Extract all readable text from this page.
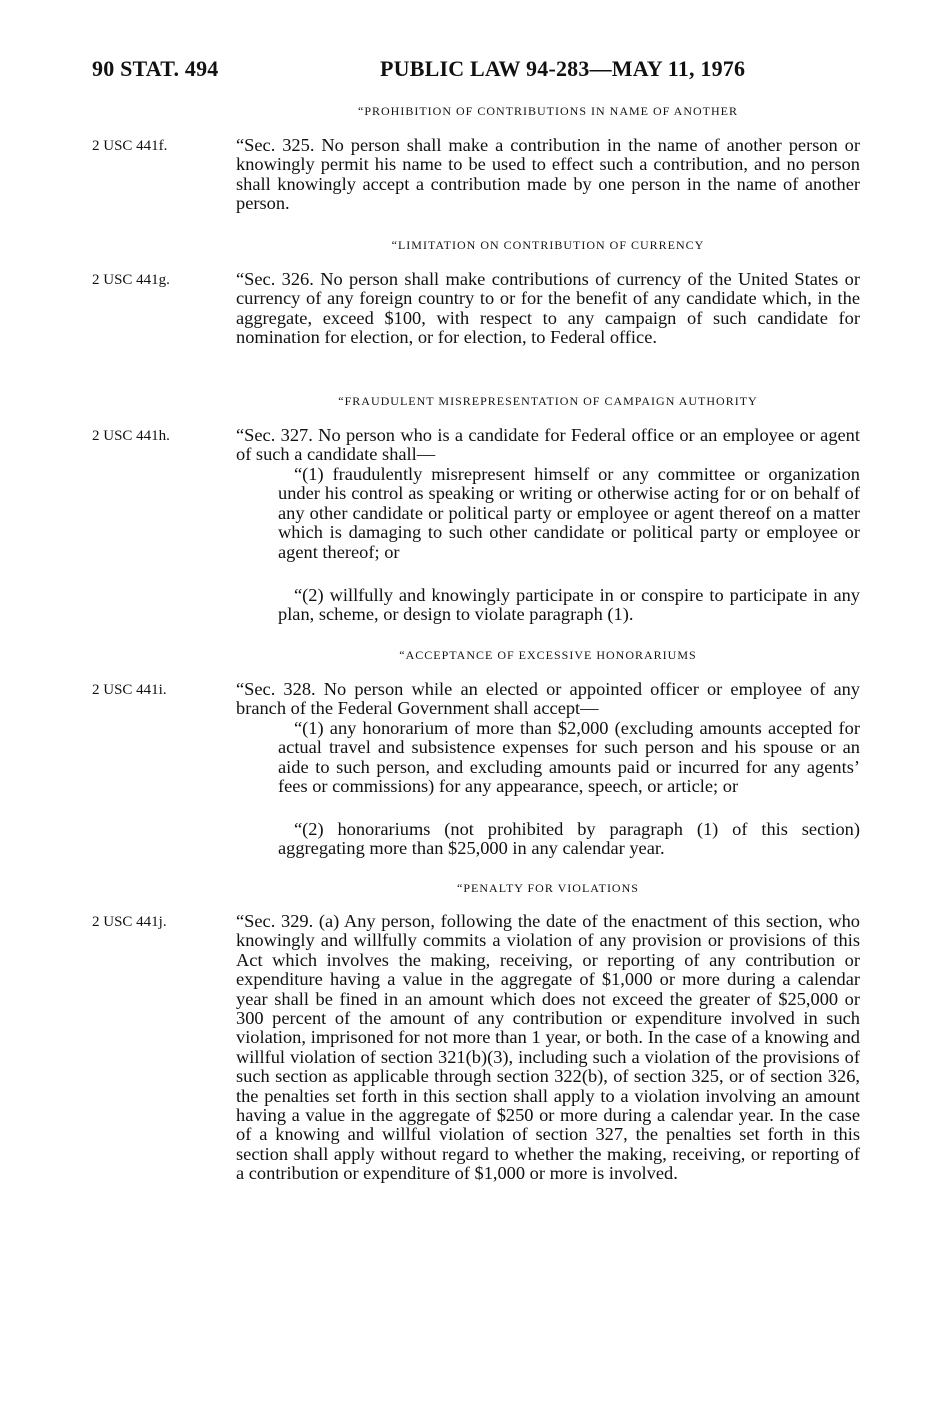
90 STAT. 494	PUBLIC LAW 94-283—MAY 11, 1976
“PROHIBITION OF CONTRIBUTIONS IN NAME OF ANOTHER
2 USC 441f.	“Sec. 325. No person shall make a contribution in the name of another person or knowingly permit his name to be used to effect such a contribution, and no person shall knowingly accept a contribution made by one person in the name of another person.
“LIMITATION ON CONTRIBUTION OF CURRENCY
2 USC 441g.	“Sec. 326. No person shall make contributions of currency of the United States or currency of any foreign country to or for the benefit of any candidate which, in the aggregate, exceed $100, with respect to any campaign of such candidate for nomination for election, or for election, to Federal office.
“FRAUDULENT MISREPRESENTATION OF CAMPAIGN AUTHORITY
2 USC 441h.	“Sec. 327. No person who is a candidate for Federal office or an employee or agent of such a candidate shall—
“(1) fraudulently misrepresent himself or any committee or organization under his control as speaking or writing or otherwise acting for or on behalf of any other candidate or political party or employee or agent thereof on a matter which is damaging to such other candidate or political party or employee or agent thereof; or
“(2) willfully and knowingly participate in or conspire to participate in any plan, scheme, or design to violate paragraph (1).
“ACCEPTANCE OF EXCESSIVE HONORARIUMS
2 USC 441i.	“Sec. 328. No person while an elected or appointed officer or employee of any branch of the Federal Government shall accept—
“(1) any honorarium of more than $2,000 (excluding amounts accepted for actual travel and subsistence expenses for such person and his spouse or an aide to such person, and excluding amounts paid or incurred for any agents’ fees or commissions) for any appearance, speech, or article; or
“(2) honorariums (not prohibited by paragraph (1) of this section) aggregating more than $25,000 in any calendar year.
“PENALTY FOR VIOLATIONS
2 USC 441j.	“Sec. 329. (a) Any person, following the date of the enactment of this section, who knowingly and willfully commits a violation of any provision or provisions of this Act which involves the making, receiving, or reporting of any contribution or expenditure having a value in the aggregate of $1,000 or more during a calendar year shall be fined in an amount which does not exceed the greater of $25,000 or 300 percent of the amount of any contribution or expenditure involved in such violation, imprisoned for not more than 1 year, or both. In the case of a knowing and willful violation of section 321(b)(3), including such a violation of the provisions of such section as applicable through section 322(b), of section 325, or of section 326, the penalties set forth in this section shall apply to a violation involving an amount having a value in the aggregate of $250 or more during a calendar year. In the case of a knowing and willful violation of section 327, the penalties set forth in this section shall apply without regard to whether the making, receiving, or reporting of a contribution or expenditure of $1,000 or more is involved.
